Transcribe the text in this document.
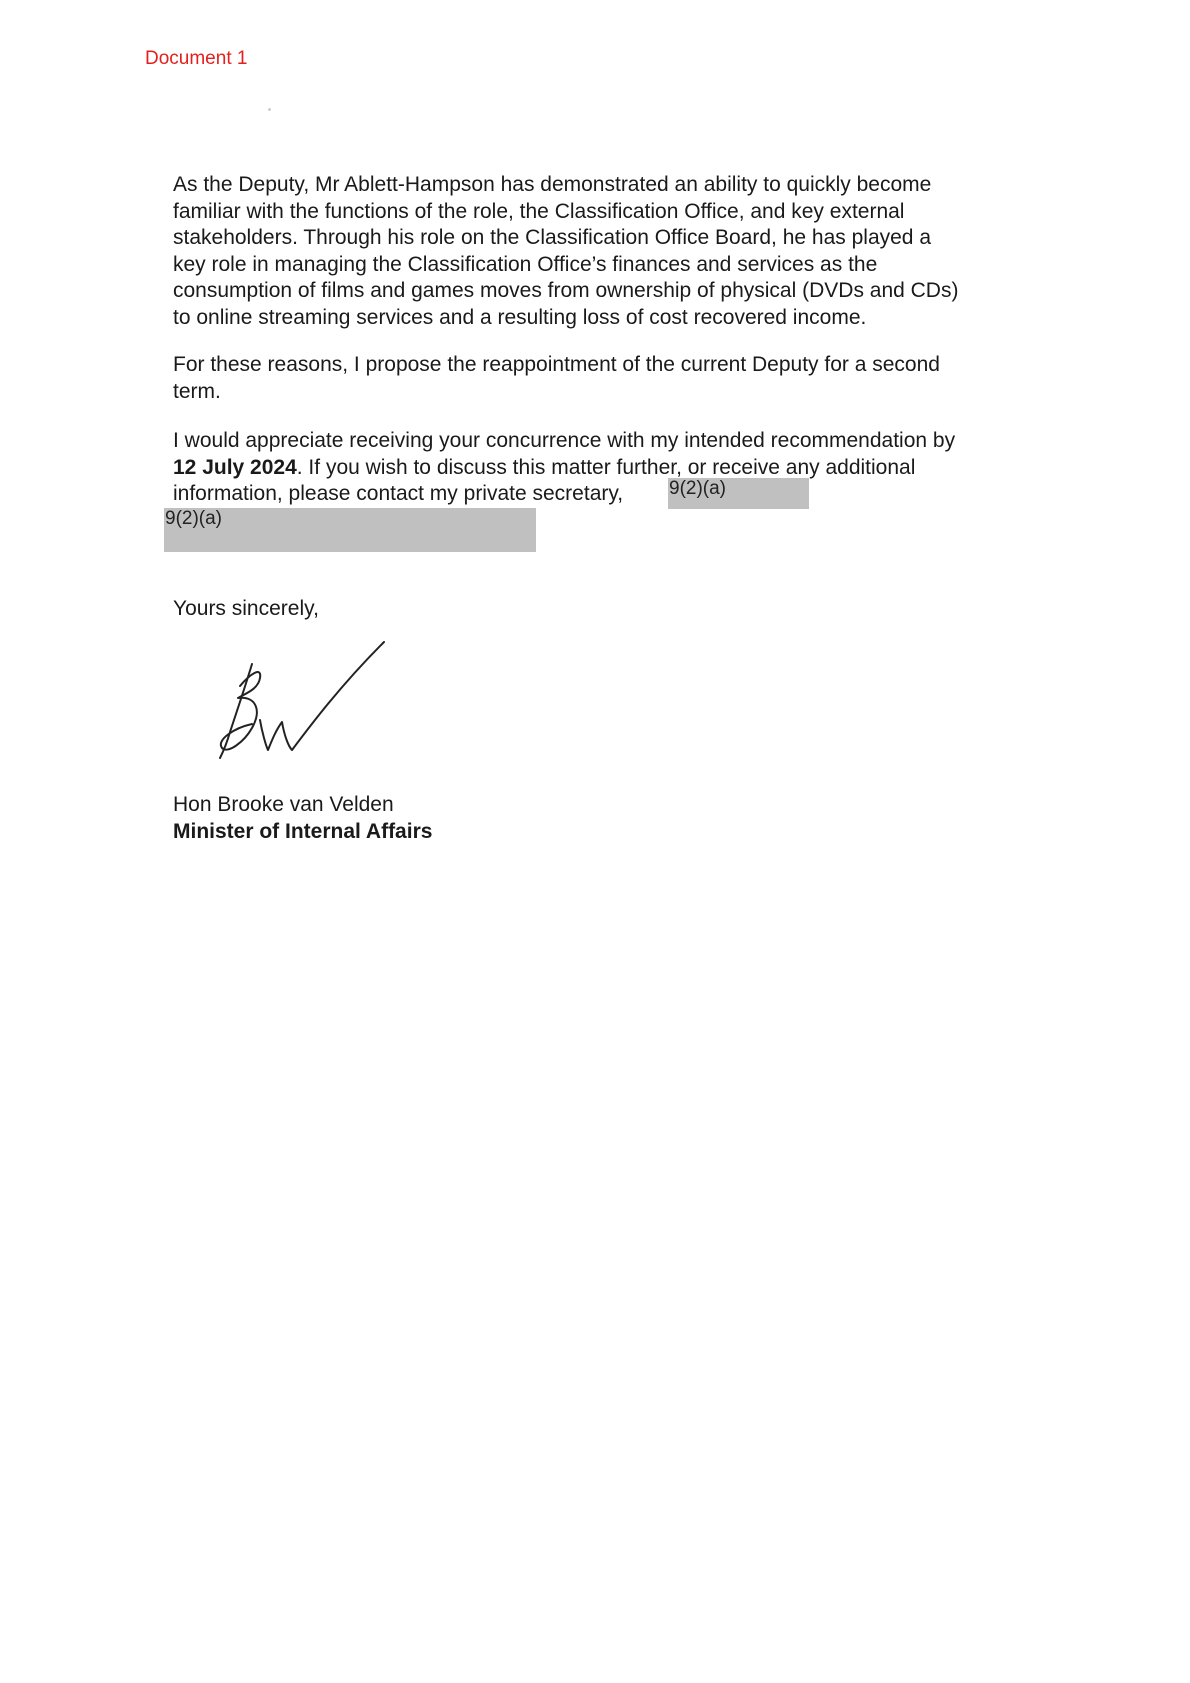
Document 1
As the Deputy, Mr Ablett-Hampson has demonstrated an ability to quickly become
familiar with the functions of the role, the Classification Office, and key external
stakeholders. Through his role on the Classification Office Board, he has played a
key role in managing the Classification Office’s finances and services as the
consumption of films and games moves from ownership of physical (DVDs and CDs)
to online streaming services and a resulting loss of cost recovered income.
For these reasons, I propose the reappointment of the current Deputy for a second
term.
I would appreciate receiving your concurrence with my intended recommendation by
12 July 2024. If you wish to discuss this matter further, or receive any additional
information, please contact my private secretary,	9(2)(a)
9(2)(a)
Yours sincerely,
Hon Brooke van Velden
Minister of Internal Affairs
